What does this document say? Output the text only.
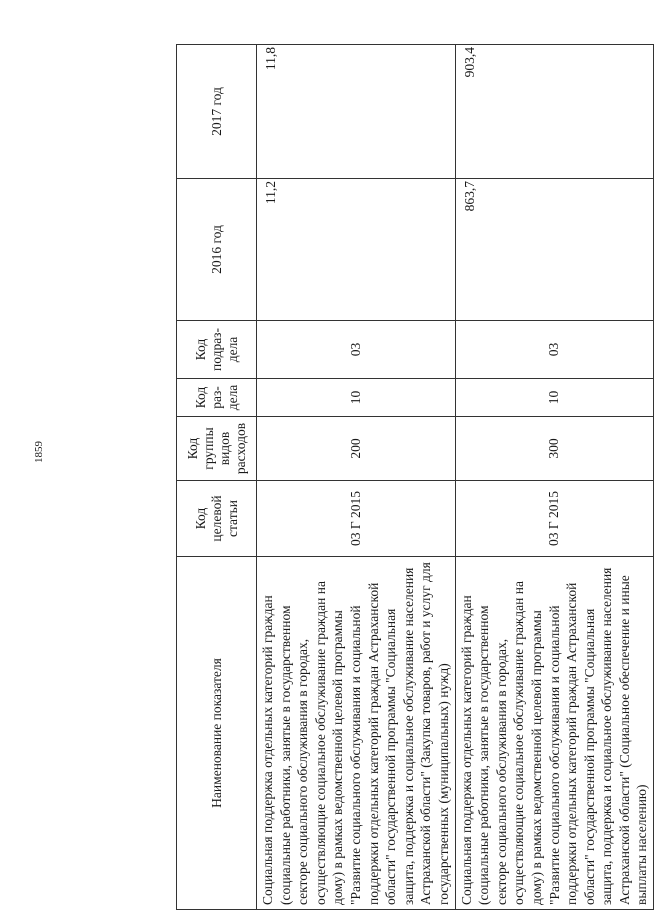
1859
Наименование показателя	Код целевой статьи	Код группы видов расходов	Код раз-дела	Код подраз-дела	2016 год	2017 год
Социальная поддержка отдельных категорий граждан (социальные работники, занятые в государственном секторе социального обслуживания в городах, осуществляющие социальное обслуживание граждан на дому) в рамках ведомственной целевой программы "Развитие социального обслуживания и социальной поддержки отдельных категорий граждан Астраханской области" государственной программы "Социальная защита, поддержка и социальное обслуживание населения Астраханской области" (Закупка товаров, работ и услуг для государственных (муниципальных) нужд)	03 Г 2015	200	10	03	11,2	11,8
Социальная поддержка отдельных категорий граждан (социальные работники, занятые в государственном секторе социального обслуживания в городах, осуществляющие социальное обслуживание граждан на дому) в рамках ведомственной целевой программы "Развитие социального обслуживания и социальной поддержки отдельных категорий граждан Астраханской области" государственной программы "Социальная защита, поддержка и социальное обслуживание населения Астраханской области" (Социальное обеспечение и иные выплаты населению)	03 Г 2015	300	10	03	863,7	903,4
